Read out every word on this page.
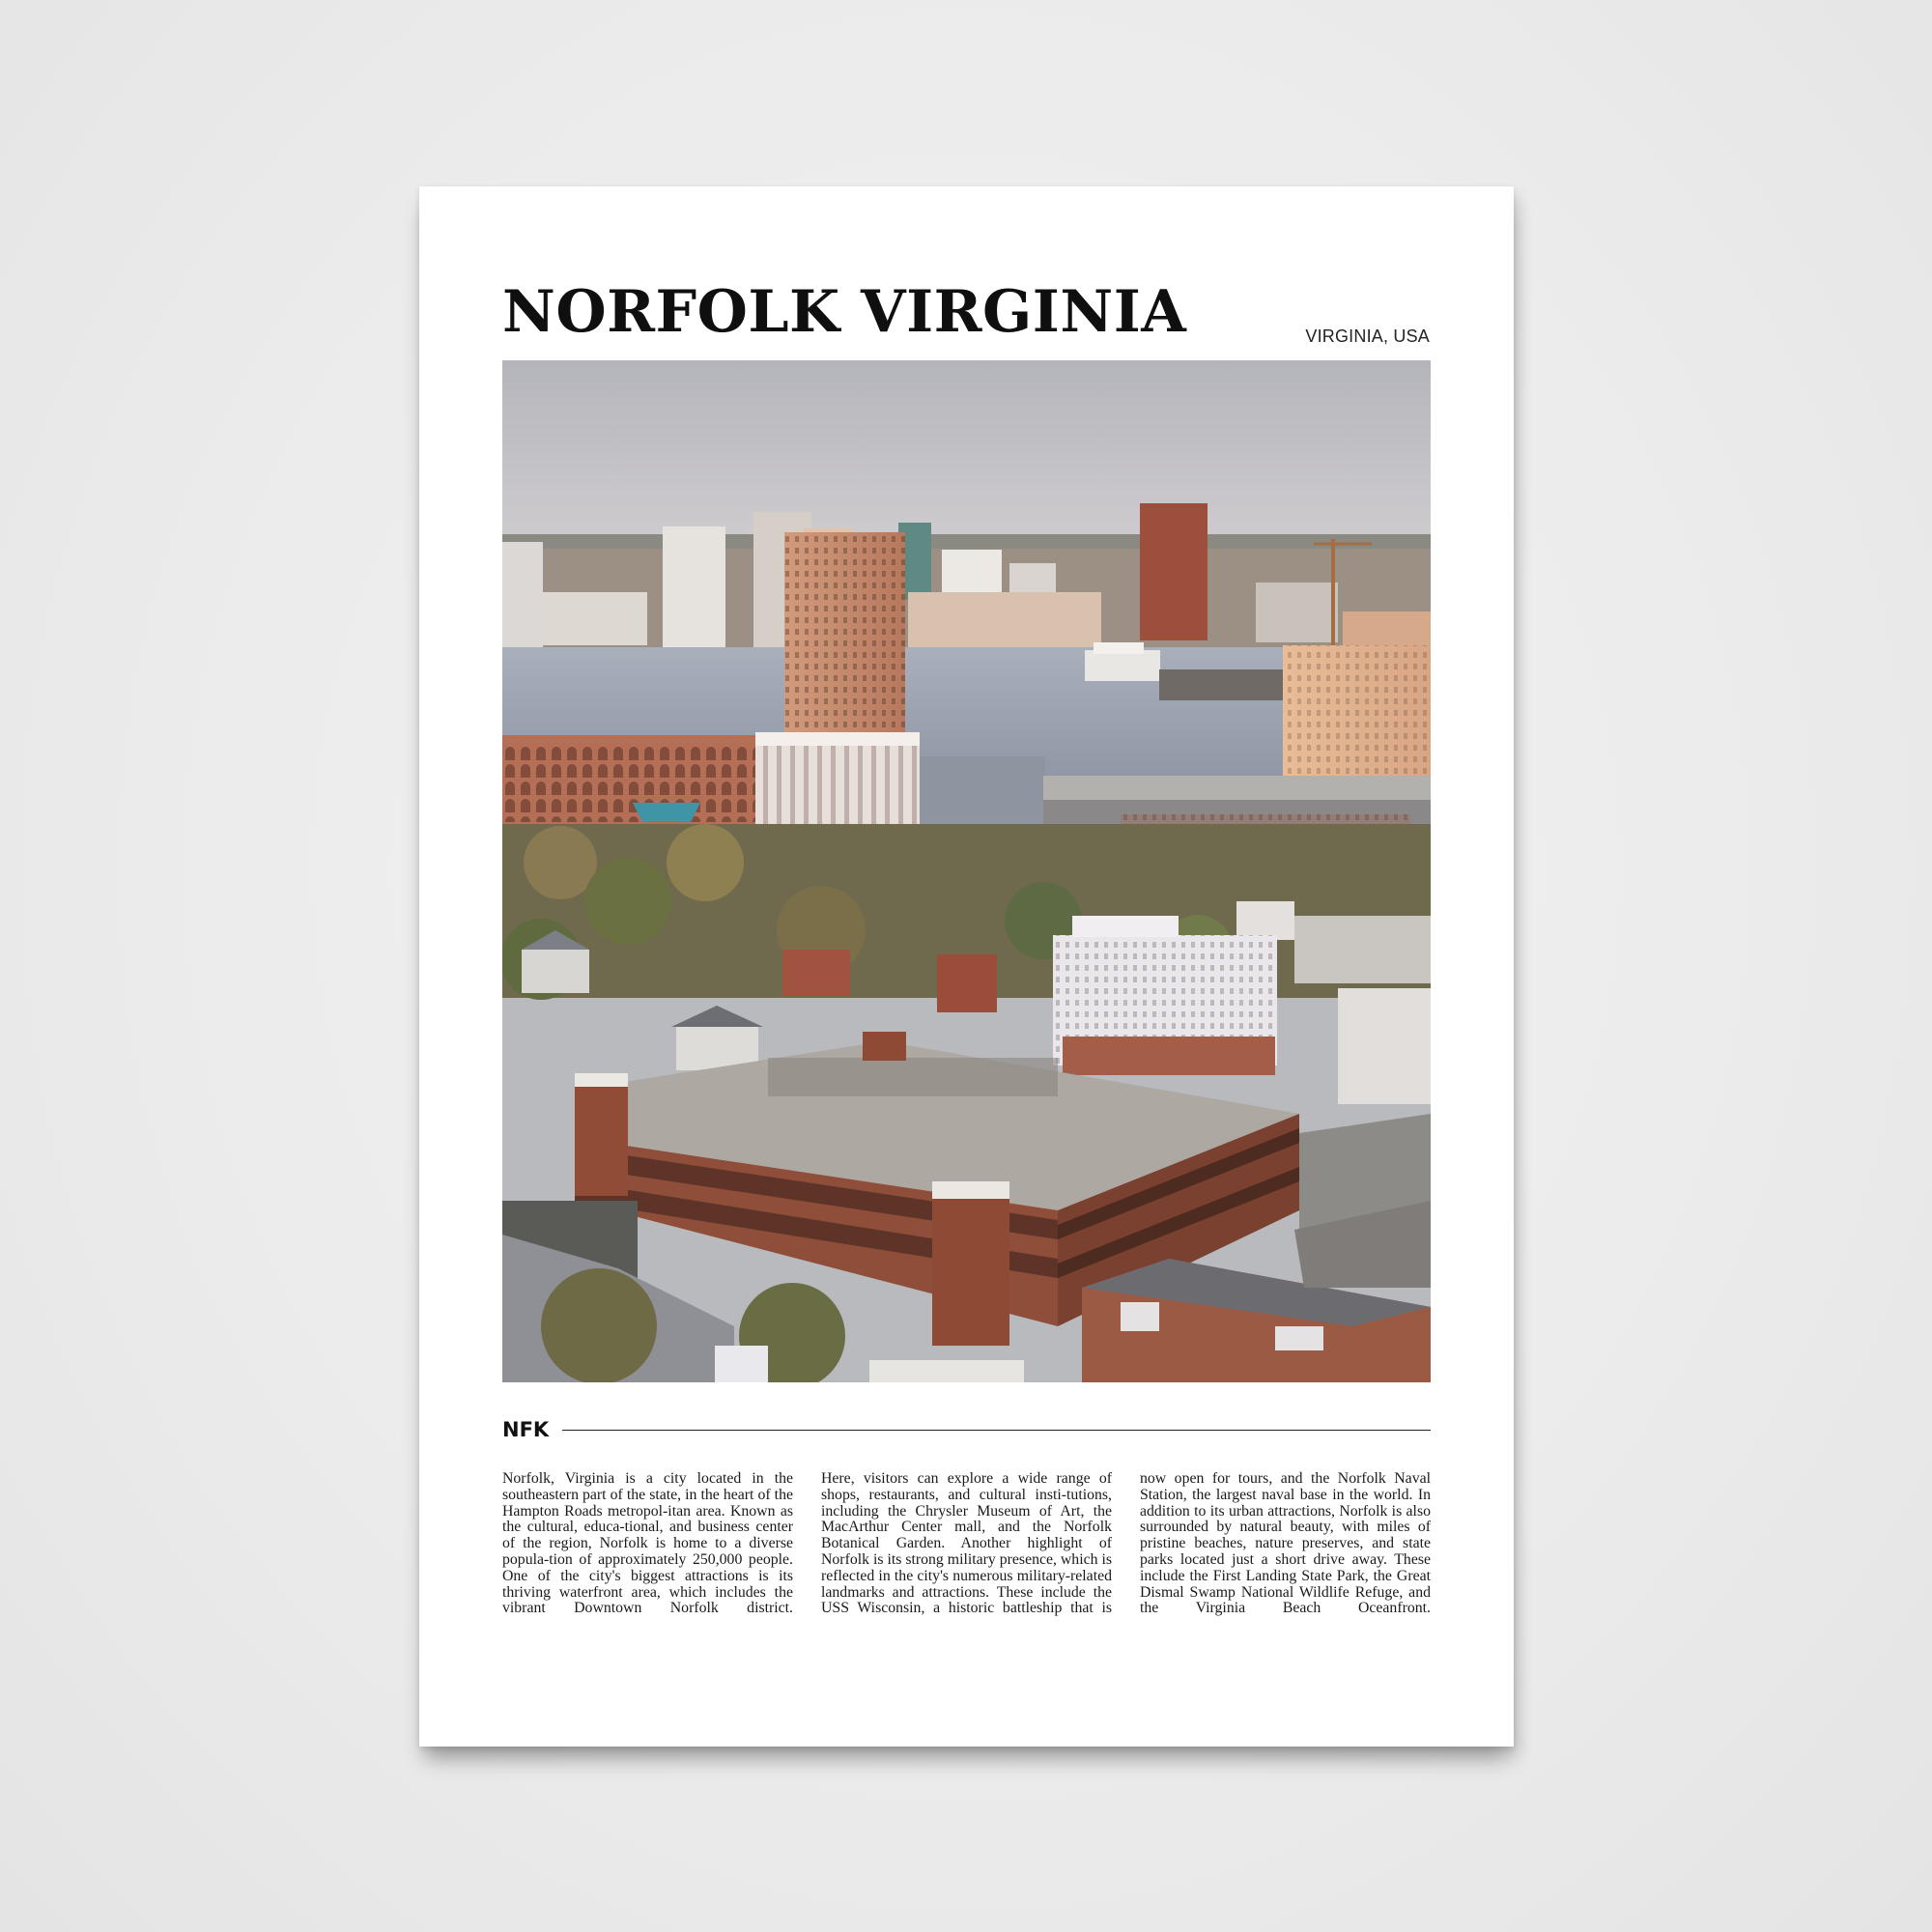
NORFOLK VIRGINIA	VIRGINIA, USA
NFK
Norfolk, Virginia is a city located in the southeastern part of the state, in the heart of the Hampton Roads metropol-itan area. Known as the cultural, educa-tional, and business center of the region, Norfolk is home to a diverse popula-tion of approximately 250,000 people. One of the city's biggest attractions is its thriving waterfront area, which includes the vibrant Downtown Norfolk district.
Here, visitors can explore a wide range of shops, restaurants, and cultural insti-tutions, including the Chrysler Museum of Art, the MacArthur Center mall, and the Norfolk Botanical Garden. Another highlight of Norfolk is its strong military presence, which is reflected in the city's numerous military-related landmarks and attractions. These include the USS Wisconsin, a historic battleship that is
now open for tours, and the Norfolk Naval Station, the largest naval base in the world. In addition to its urban attractions, Norfolk is also surrounded by natural beauty, with miles of pristine beaches, nature preserves, and state parks located just a short drive away. These include the First Landing State Park, the Great Dismal Swamp National Wildlife Refuge, and the Virginia Beach Oceanfront.
